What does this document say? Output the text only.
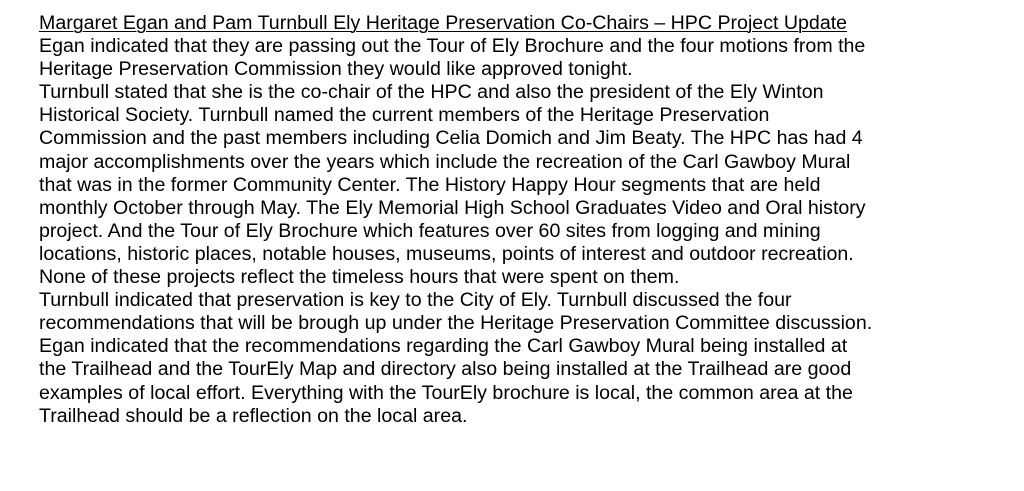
Margaret Egan and Pam Turnbull Ely Heritage Preservation Co-Chairs – HPC Project Update

Egan indicated that they are passing out the Tour of Ely Brochure and the four motions from the
Heritage Preservation Commission they would like approved tonight.

Turnbull stated that she is the co-chair of the HPC and also the president of the Ely Winton
Historical Society. Turnbull named the current members of the Heritage Preservation
Commission and the past members including Celia Domich and Jim Beaty. The HPC has had 4
major accomplishments over the years which include the recreation of the Carl Gawboy Mural
that was in the former Community Center. The History Happy Hour segments that are held
monthly October through May. The Ely Memorial High School Graduates Video and Oral history
project. And the Tour of Ely Brochure which features over 60 sites from logging and mining
locations, historic places, notable houses, museums, points of interest and outdoor recreation.
None of these projects reflect the timeless hours that were spent on them.

Turnbull indicated that preservation is key to the City of Ely. Turnbull discussed the four
recommendations that will be brough up under the Heritage Preservation Committee discussion.
Egan indicated that the recommendations regarding the Carl Gawboy Mural being installed at
the Trailhead and the TourEly Map and directory also being installed at the Trailhead are good
examples of local effort. Everything with the TourEly brochure is local, the common area at the
Trailhead should be a reflection on the local area.
